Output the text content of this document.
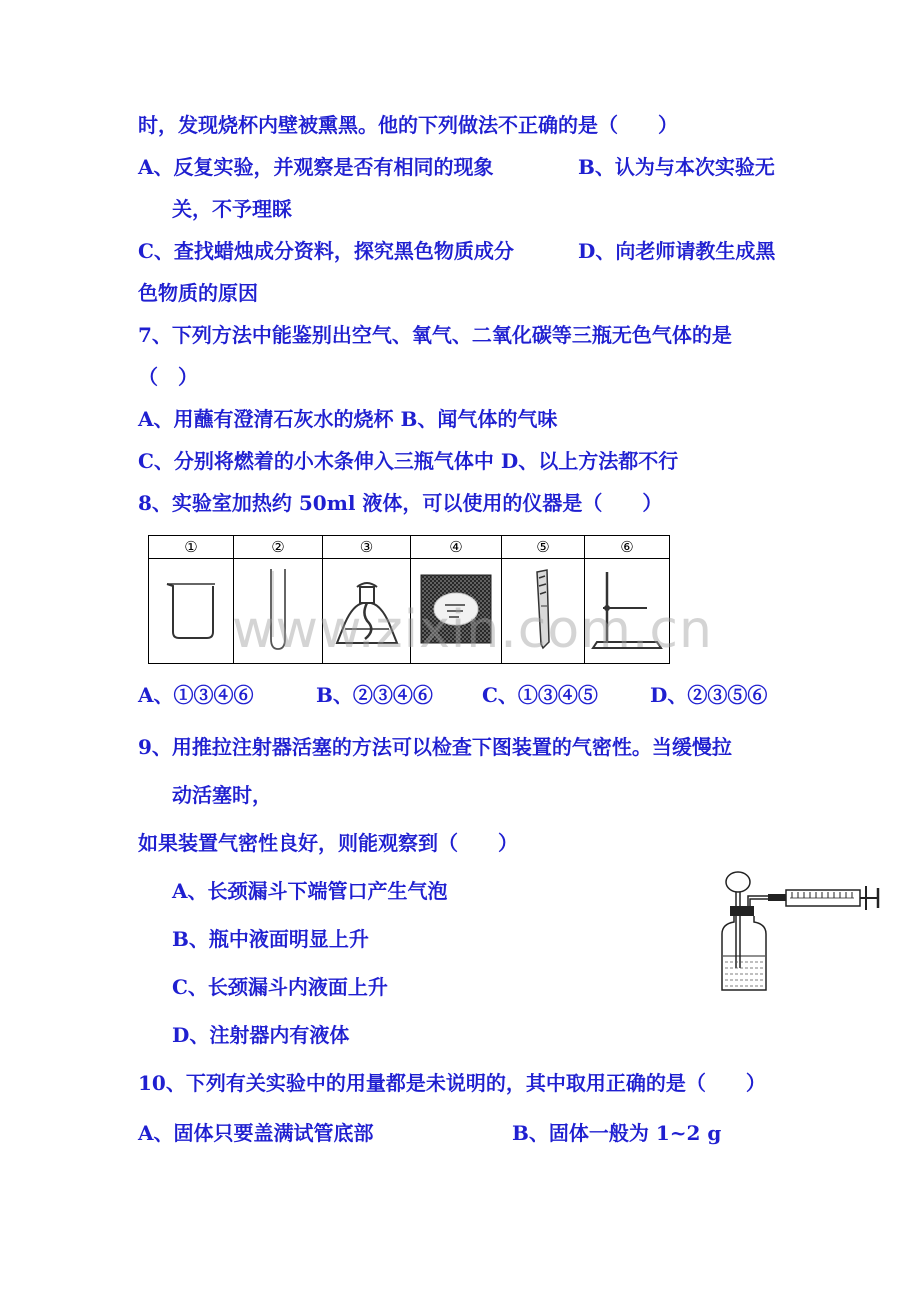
时，发现烧杯内壁被熏黑。他的下列做法不正确的是（　　）
A、反复实验，并观察是否有相同的现象	B、认为与本次实验无
关，不予理睬
C、查找蜡烛成分资料，探究黑色物质成分	D、向老师请教生成黑
色物质的原因
7、下列方法中能鉴别出空气、氧气、二氧化碳等三瓶无色气体的是
（　）
A、用蘸有澄清石灰水的烧杯 B、闻气体的气味
C、分别将燃着的小木条伸入三瓶气体中 D、以上方法都不行
8、实验室加热约 50ml 液体，可以使用的仪器是（　　）
①	②	③	④	⑤	⑥

www.zixin.com.cn
A、①③④⑥	B、②③④⑥ C、①③④⑤	D、②③⑤⑥
9、用推拉注射器活塞的方法可以检查下图装置的气密性。当缓慢拉
动活塞时，
如果装置气密性良好，则能观察到（　　）
A、长颈漏斗下端管口产生气泡
B、瓶中液面明显上升
C、长颈漏斗内液面上升
D、注射器内有液体
10、下列有关实验中的用量都是未说明的，其中取用正确的是（　　）
A、固体只要盖满试管底部	B、固体一般为 1~2 g
